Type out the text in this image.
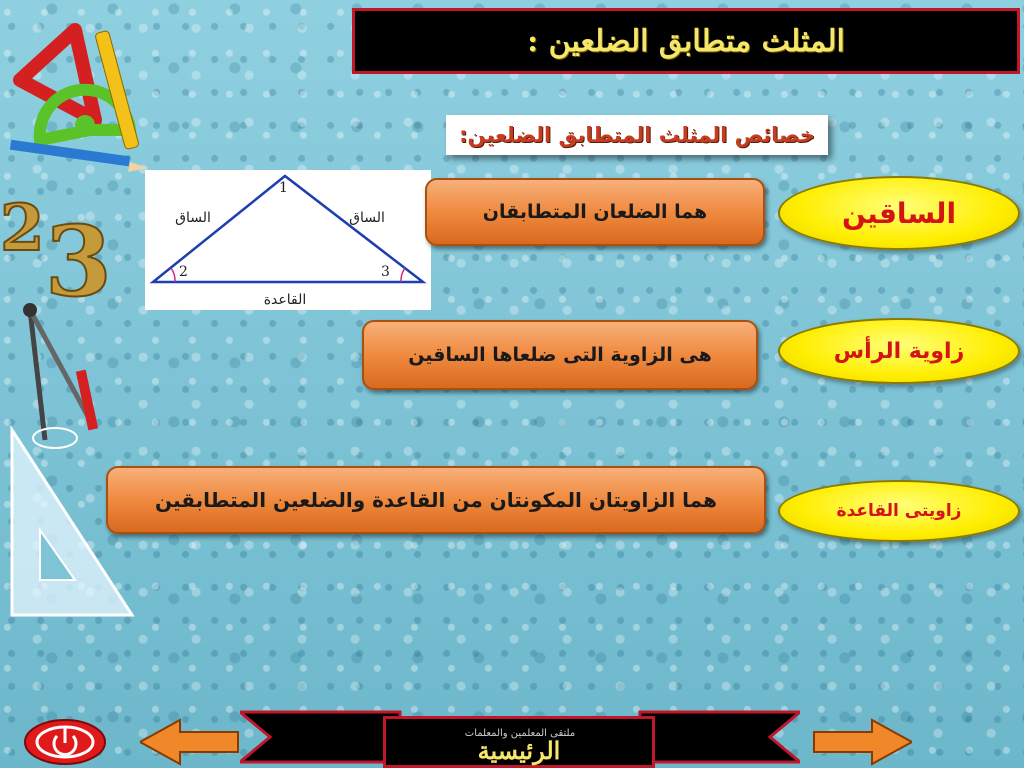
2 3
المثلث متطابق الضلعين :
خصائص المثلث المتطابق الضلعين:
1
2	3
الساق	الساق
القاعدة
الساقين
زاوية الرأس
زاويتى القاعدة
هما الضلعان المتطابقان
هى الزاوية التى ضلعاها الساقين
هما الزاويتان المكونتان من القاعدة والضلعين المتطابقين
الرئيسية
ملتقى المعلمين والمعلمات
